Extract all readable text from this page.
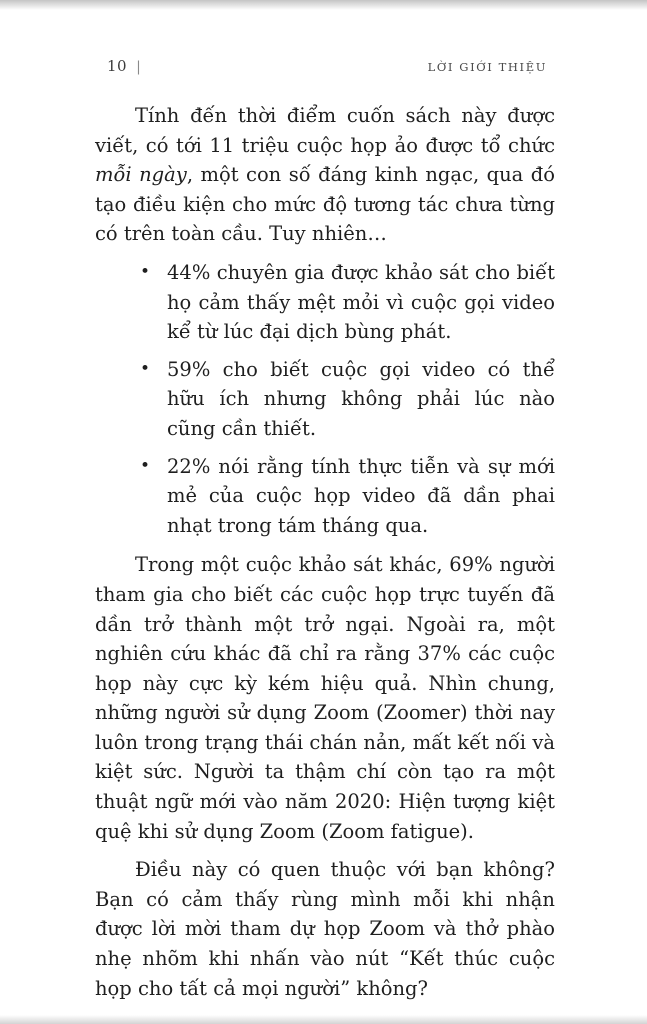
10 |	LỜI GIỚI THIỆU

Tính đến thời điểm cuốn sách này được viết, có tới 11 triệu cuộc họp ảo được tổ chức mỗi ngày, một con số đáng kinh ngạc, qua đó tạo điều kiện cho mức độ tương tác chưa từng có trên toàn cầu. Tuy nhiên…

• 44% chuyên gia được khảo sát cho biết họ cảm thấy mệt mỏi vì cuộc gọi video kể từ lúc đại dịch bùng phát.
• 59% cho biết cuộc gọi video có thể hữu ích nhưng không phải lúc nào cũng cần thiết.
• 22% nói rằng tính thực tiễn và sự mới mẻ của cuộc họp video đã dần phai nhạt trong tám tháng qua.

Trong một cuộc khảo sát khác, 69% người tham gia cho biết các cuộc họp trực tuyến đã dần trở thành một trở ngại. Ngoài ra, một nghiên cứu khác đã chỉ ra rằng 37% các cuộc họp này cực kỳ kém hiệu quả. Nhìn chung, những người sử dụng Zoom (Zoomer) thời nay luôn trong trạng thái chán nản, mất kết nối và kiệt sức. Người ta thậm chí còn tạo ra một thuật ngữ mới vào năm 2020: Hiện tượng kiệt quệ khi sử dụng Zoom (Zoom fatigue).

Điều này có quen thuộc với bạn không? Bạn có cảm thấy rùng mình mỗi khi nhận được lời mời tham dự họp Zoom và thở phào nhẹ nhõm khi nhấn vào nút “Kết thúc cuộc họp cho tất cả mọi người” không?
